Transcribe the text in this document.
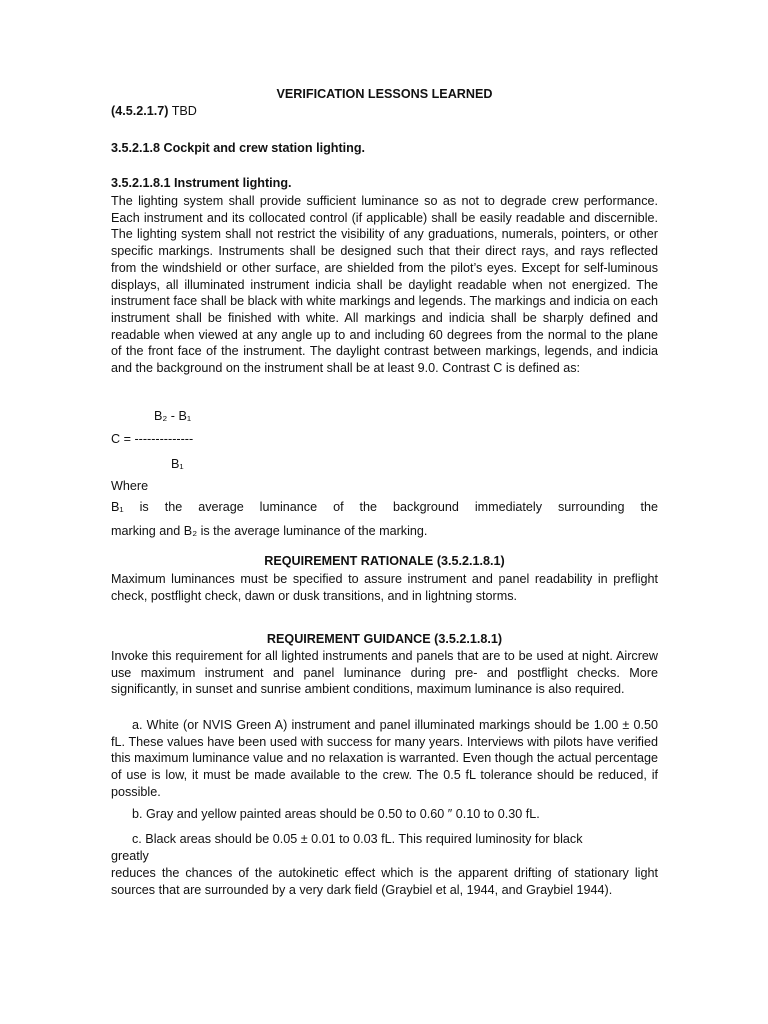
VERIFICATION LESSONS LEARNED
(4.5.2.1.7) TBD
3.5.2.1.8 Cockpit and crew station lighting.
3.5.2.1.8.1 Instrument lighting.
The lighting system shall provide sufficient luminance so as not to degrade crew performance. Each instrument and its collocated control (if applicable) shall be easily readable and discernible. The lighting system shall not restrict the visibility of any graduations, numerals, pointers, or other specific markings. Instruments shall be designed such that their direct rays, and rays reflected from the windshield or other surface, are shielded from the pilot’s eyes. Except for self-luminous displays, all illuminated instrument indicia shall be daylight readable when not energized. The instrument face shall be black with white markings and legends. The markings and indicia on each instrument shall be finished with white. All markings and indicia shall be sharply defined and readable when viewed at any angle up to and including 60 degrees from the normal to the plane of the front face of the instrument. The daylight contrast between markings, legends, and indicia and the background on the instrument shall be at least 9.0. Contrast C is defined as:
B₂ - B₁
C = --------------
B₁
Where
B₁ is the average luminance of the background immediately surrounding the
marking and B₂ is the average luminance of the marking.
REQUIREMENT RATIONALE (3.5.2.1.8.1)
Maximum luminances must be specified to assure instrument and panel readability in preflight check, postflight check, dawn or dusk transitions, and in lightning storms.
REQUIREMENT GUIDANCE (3.5.2.1.8.1)
Invoke this requirement for all lighted instruments and panels that are to be used at night. Aircrew use maximum instrument and panel luminance during pre- and postflight checks. More significantly, in sunset and sunrise ambient conditions, maximum luminance is also required.
a. White (or NVIS Green A) instrument and panel illuminated markings should be 1.00 ± 0.50 fL. These values have been used with success for many years. Interviews with pilots have verified this maximum luminance value and no relaxation is warranted. Even though the actual percentage of use is low, it must be made available to the crew. The 0.5 fL tolerance should be reduced, if possible.
b. Gray and yellow painted areas should be 0.50 to 0.60 ″ 0.10 to 0.30 fL.
c. Black areas should be 0.05 ± 0.01 to 0.03 fL. This required luminosity for black
greatly
reduces the chances of the autokinetic effect which is the apparent drifting of stationary light sources that are surrounded by a very dark field (Graybiel et al, 1944, and Graybiel 1944).
